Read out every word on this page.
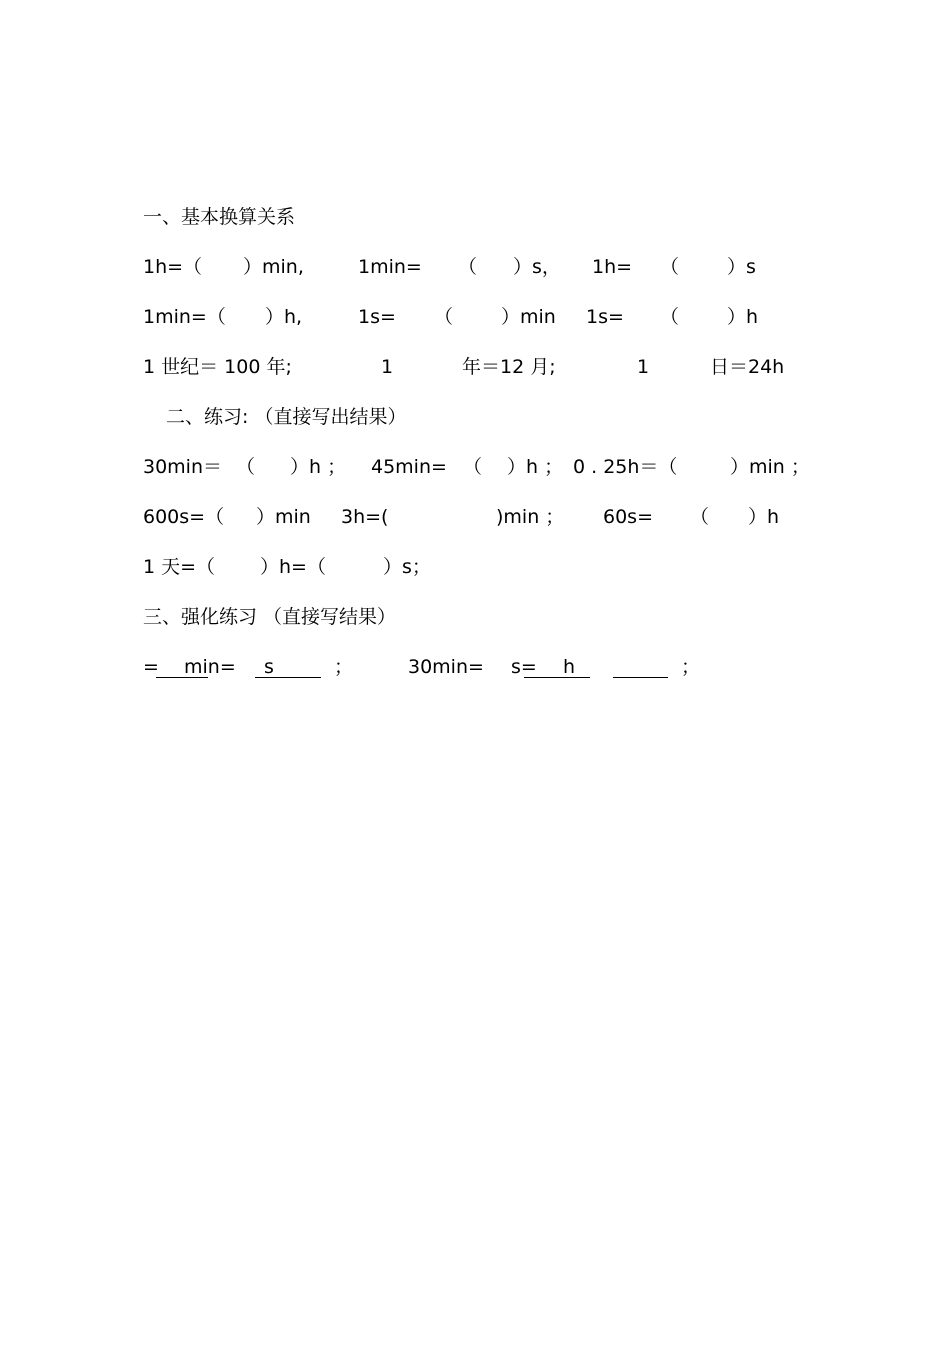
一、基本换算关系
1h=（ ）min,	1min= （ ）s， 1h= （	）s
1min=（ ）h,	1s= （	）min 1s= （	）h
1 世纪＝ 100 年;	1	年＝12 月;	1	日＝24h
二、练习: （直接写出结果）
30min＝ （ ）h ； 45min= （ ）h ； 0 . 25h＝（	）min ；
600s=（ ）min 3h=(	)min ； 60s= （ ）h
1 天=（ ）h=（	）s；
三、强化练习 （直接写结果）
= min= s	；	30min= s= h	；
